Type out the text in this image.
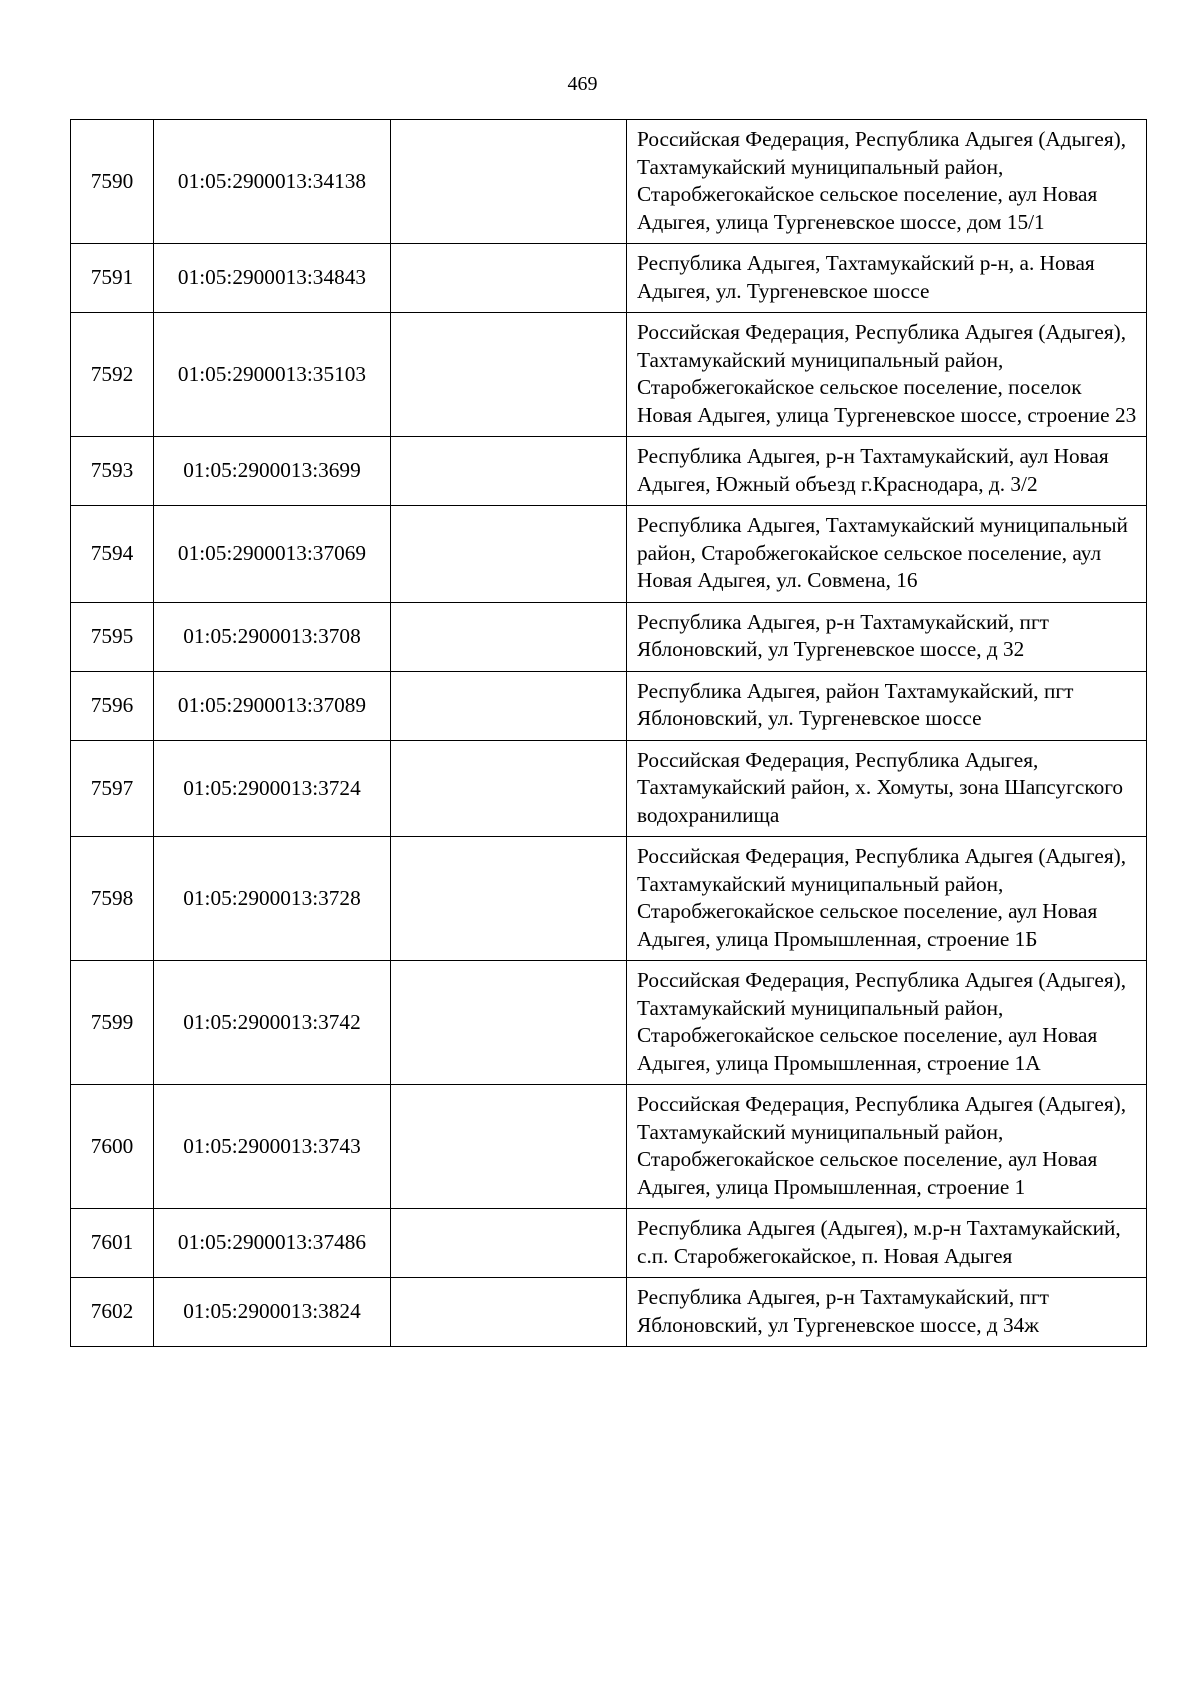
469
7590	01:05:2900013:34138		Российская Федерация, Республика Адыгея (Адыгея), Тахтамукайский муниципальный район, Старобжегокайское сельское поселение, аул Новая Адыгея, улица Тургеневское шоссе, дом 15/1
7591	01:05:2900013:34843		Республика Адыгея, Тахтамукайский р-н, а. Новая Адыгея, ул. Тургеневское шоссе
7592	01:05:2900013:35103		Российская Федерация, Республика Адыгея (Адыгея), Тахтамукайский муниципальный район, Старобжегокайское сельское поселение, поселок Новая Адыгея, улица Тургеневское шоссе, строение 23
7593	01:05:2900013:3699		Республика Адыгея, р-н Тахтамукайский, аул Новая Адыгея, Южный объезд г.Краснодара, д. 3/2
7594	01:05:2900013:37069		Республика Адыгея, Тахтамукайский муниципальный район, Старобжегокайское сельское поселение, аул Новая Адыгея, ул. Совмена, 16
7595	01:05:2900013:3708		Республика Адыгея, р-н Тахтамукайский, пгт Яблоновский, ул Тургеневское шоссе, д 32
7596	01:05:2900013:37089		Республика Адыгея, район Тахтамукайский, пгт Яблоновский, ул. Тургеневское шоссе
7597	01:05:2900013:3724		Российская Федерация, Республика Адыгея, Тахтамукайский район, х. Хомуты, зона Шапсугского водохранилища
7598	01:05:2900013:3728		Российская Федерация, Республика Адыгея (Адыгея), Тахтамукайский муниципальный район, Старобжегокайское сельское поселение, аул Новая Адыгея, улица Промышленная, строение 1Б
7599	01:05:2900013:3742		Российская Федерация, Республика Адыгея (Адыгея), Тахтамукайский муниципальный район, Старобжегокайское сельское поселение, аул Новая Адыгея, улица Промышленная, строение 1А
7600	01:05:2900013:3743		Российская Федерация, Республика Адыгея (Адыгея), Тахтамукайский муниципальный район, Старобжегокайское сельское поселение, аул Новая Адыгея, улица Промышленная, строение 1
7601	01:05:2900013:37486		Республика Адыгея (Адыгея), м.р-н Тахтамукайский, с.п. Старобжегокайское, п. Новая Адыгея
7602	01:05:2900013:3824		Республика Адыгея, р-н Тахтамукайский, пгт Яблоновский, ул Тургеневское шоссе, д 34ж
